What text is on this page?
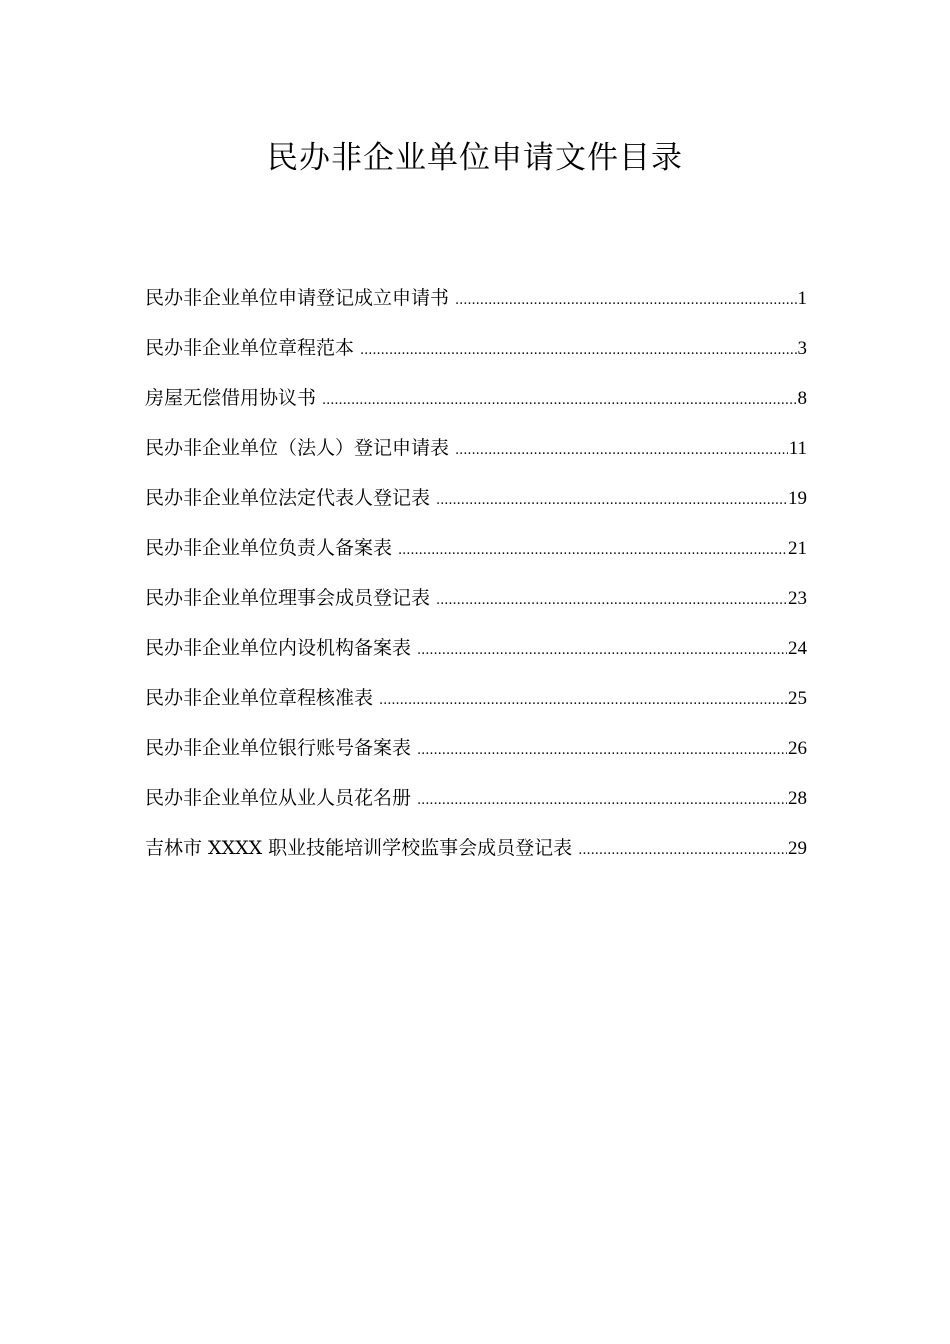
民办非企业单位申请文件目录
民办非企业单位申请登记成立申请书 .....	1
民办非企业单位章程范本 .....	3
房屋无偿借用协议书 .....	8
民办非企业单位（法人）登记申请表 .....	11
民办非企业单位法定代表人登记表 .....	19
民办非企业单位负责人备案表 .....	21
民办非企业单位理事会成员登记表 .....	23
民办非企业单位内设机构备案表 .....	24
民办非企业单位章程核准表 .....	25
民办非企业单位银行账号备案表 .....	26
民办非企业单位从业人员花名册 .....	28
吉林市 XXXX 职业技能培训学校监事会成员登记表 .....	29
